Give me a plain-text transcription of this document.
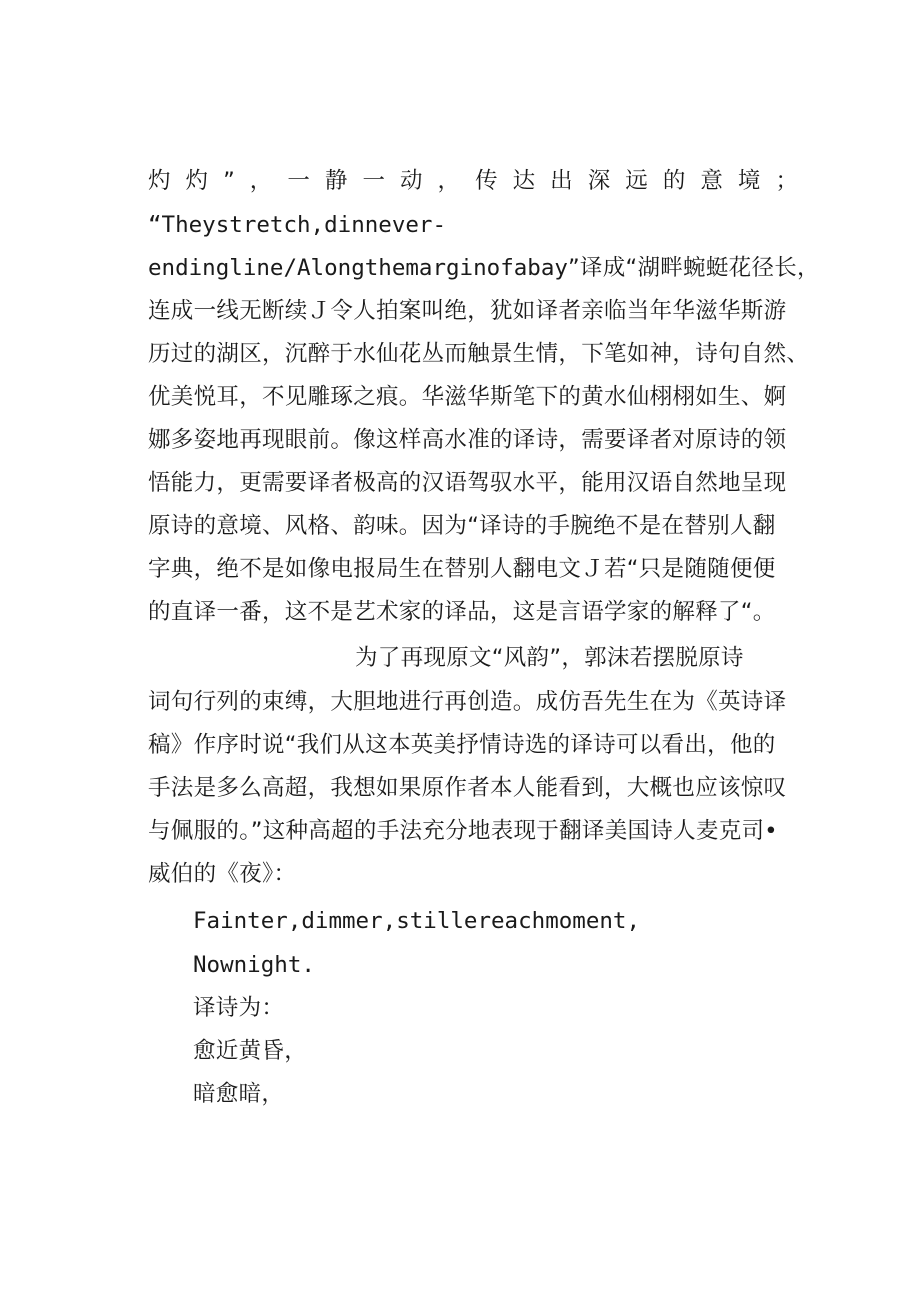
灼 灼 ” ， 一 静 一 动 ， 传 达 出 深 远 的 意 境 ；
“Theystretch‚dinnever-
endingline/Alongthemarginofabay”译成“湖畔蜿蜓花径长，
连成一线无断续Ｊ令人拍案叫绝，犹如译者亲临当年华滋华斯游
历过的湖区，沉醉于水仙花丛而触景生情，下笔如神，诗句自然、
优美悦耳，不见雕琢之痕。华滋华斯笔下的黄水仙栩栩如生、婀
娜多姿地再现眼前。像这样高水准的译诗，需要译者对原诗的领
悟能力，更需要译者极高的汉语驾驭水平，能用汉语自然地呈现
原诗的意境、风格、韵味。因为“译诗的手腕绝不是在替别人翻
字典，绝不是如像电报局生在替别人翻电文Ｊ若“只是随随便便
的直译一番，这不是艺术家的译品，这是言语学家的解释了“。
为了再现原文“风韵”，郭沫若摆脱原诗
词句行列的束缚，大胆地进行再创造。成仿吾先生在为《英诗译
稿》作序时说“我们从这本英美抒情诗选的译诗可以看出，他的
手法是多么高超，我想如果原作者本人能看到，大概也应该惊叹
与佩服的。”这种高超的手法充分地表现于翻译美国诗人麦克司•
威伯的《夜》：
Fainter,dimmer,stillereachmoment,
Nownight.
译诗为：
愈近黄昏，
暗愈暗，
